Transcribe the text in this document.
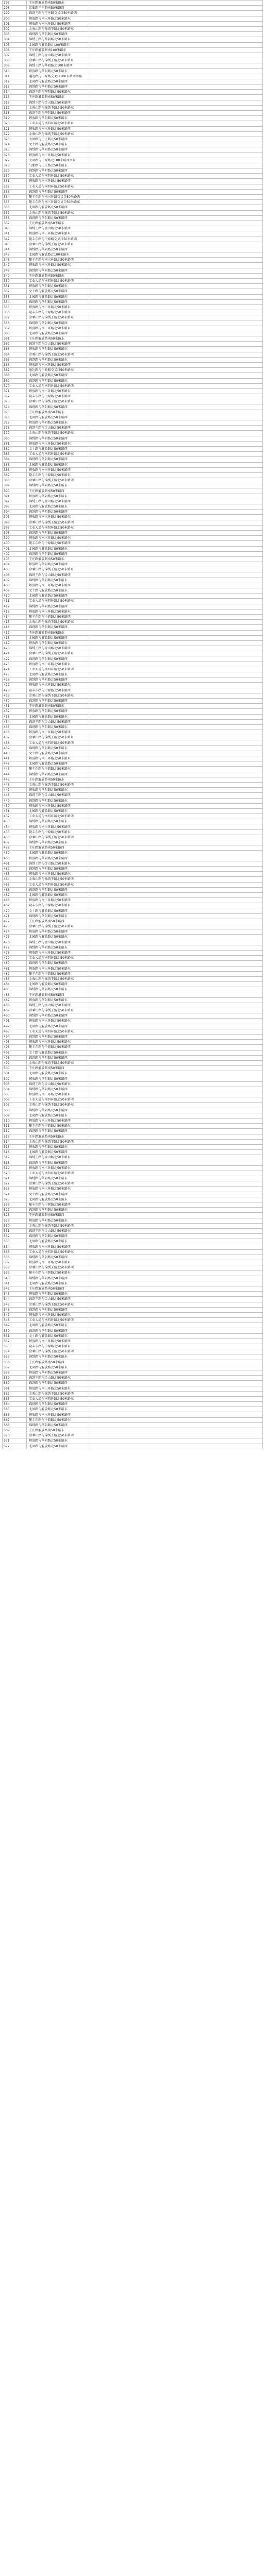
297	王庄路解放路南50米路东	
298	红旗路王庄路南50米路西	
299	锦绣王路与王庄路交叉口50米路西	
300	解放路与南三环路北50米路东	
301	解放路与南三环路北50米路西	
302	金乘山路与锦绣王路北50米路东	
303	锦绣路与华阴路北50米路西	
304	锦绣王路与华阴路北50米路东	
305	北园路与解放路北100米路东	
306	王庄路解放路南100米路东	
307	锦绣王路与金山路北50米路西	
308	金乘山路与锦绣王路北50米路东	
309	锦绣王路与华阴路北100米路西	
310	解放路与华阴路北50米路东	
311	通达路与中原路交叉口100米路西南角	
312	北园路与解放路北50米路西	
313	锦绣路与华阴路北50米路西	
314	锦绣王路与华阴路北50米路东	
315	王庄路解放路南50米路东	
316	锦绣王路与金山路北50米路西	
317	金乘山路与锦绣王路北50米路东	
318	锦绣王路与华阴路北50米路西	
319	解放路与华阴路北50米路东	
320	工业大道与南四环路北50米路东	
321	解放路与南三环路北50米路西	
322	金乘山路与锦绣王路北50米路东	
323	大园路与王庄路北50米路西	
324	文十路与解放路北50米路东	
325	锦绣路与华阴路北50米路西	
326	解放路与南三环路北50米路东	
327	大园路与中原路北100米路西南角	
328	气象路与王庄路北50米路东	
329	锦绣路与华阴路北50米路西	
330	工业大道与南四环路北50米路东	
331	解放路与南三环路北50米路西	
332	工业大道与南四环路北50米路东	
333	锦绣路与华阴路北50米路西	
334	聚丰东路与南三环路交叉口50米路西	
335	聚丰东路与南三环路交叉口50米路东	
336	北园路与解放路北50米路西	
337	金乘山路与锦绣王路北50米路东	
338	锦绣路与华阴路北50米路西	
339	王庄路解放路南50米路东	
340	锦绣王路与金山路北50米路西	
341	解放路与南三环路北50米路东	
342	聚丰东路与中原路交叉口50米路西	
343	金乘山路与锦绣王路北50米路东	
344	锦绣路与华阴路北50米路西	
345	北园路与解放路北100米路东	
346	聚丰东路与南三环路北50米路西	
347	解放路与南三环路北50米路东	
348	锦绣路与华阴路北50米路西	
349	王庄路解放路南50米路东	
350	工业大道与南四环路北50米路西	
351	解放路与华阴路北50米路东	
352	文十路与解放路北50米路西	
353	北园路与解放路北50米路东	
354	锦绣路与华阴路北50米路西	
355	解放路与南三环路北50米路东	
356	聚丰东路与中原路北50米路西	
357	金乘山路与锦绣王路北50米路东	
358	锦绣路与华阴路北50米路西	
359	解放路与南三环路北50米路东	
360	北园路与解放路北50米路西	
361	王庄路解放路南50米路东	
362	锦绣王路与金山路北50米路西	
363	解放路与华阴路北50米路东	
364	金乘山路与锦绣王路北50米路西	
365	锦绣路与华阴路北50米路东	
366	解放路与南三环路北50米路西	
367	通达路与中原路交叉口50米路东	
368	北园路与解放路北50米路西	
369	锦绣路与华阴路北50米路东	
370	工业大道与南四环路北50米路西	
371	解放路与南三环路北50米路东	
372	聚丰东路与中原路北50米路西	
373	金乘山路与锦绣王路北50米路东	
374	锦绣路与华阴路北50米路西	
375	王庄路解放路南50米路东	
376	北园路与解放路北50米路西	
377	解放路与华阴路北50米路东	
378	锦绣王路与金山路北50米路西	
379	金乘山路与锦绣王路北50米路东	
380	锦绣路与华阴路北50米路西	
381	解放路与南三环路北50米路东	
382	文十路与解放路北50米路西	
383	工业大道与南四环路北50米路东	
384	锦绣路与华阴路北50米路西	
385	北园路与解放路北50米路东	
386	解放路与南三环路北50米路西	
387	聚丰东路与中原路北50米路东	
388	金乘山路与锦绣王路北50米路西	
389	锦绣路与华阴路北50米路东	
390	王庄路解放路南50米路西	
391	解放路与华阴路北50米路东	
392	锦绣王路与金山路北50米路西	
393	北园路与解放路北50米路东	
394	锦绣路与华阴路北50米路西	
395	解放路与南三环路北50米路东	
396	金乘山路与锦绣王路北50米路西	
397	工业大道与南四环路北50米路东	
398	锦绣路与华阴路北50米路西	
399	解放路与南三环路北50米路东	
400	聚丰东路与中原路北50米路西	
401	北园路与解放路北50米路东	
402	锦绣路与华阴路北50米路西	
403	王庄路解放路南50米路东	
404	解放路与华阴路北50米路西	
405	金乘山路与锦绣王路北50米路东	
406	锦绣王路与金山路北50米路西	
407	锦绣路与华阴路北50米路东	
408	解放路与南三环路北50米路西	
409	文十路与解放路北50米路东	
410	北园路与解放路北50米路西	
411	工业大道与南四环路北50米路东	
412	锦绣路与华阴路北50米路西	
413	解放路与南三环路北50米路东	
414	聚丰东路与中原路北50米路西	
415	金乘山路与锦绣王路北50米路东	
416	锦绣路与华阴路北50米路西	
417	王庄路解放路南50米路东	
418	北园路与解放路北50米路西	
419	解放路与华阴路北50米路东	
420	锦绣王路与金山路北50米路西	
421	金乘山路与锦绣王路北50米路东	
422	锦绣路与华阴路北50米路西	
423	解放路与南三环路北50米路东	
424	工业大道与南四环路北50米路西	
425	北园路与解放路北50米路东	
426	锦绣路与华阴路北50米路西	
427	解放路与南三环路北50米路东	
428	聚丰东路与中原路北50米路西	
429	金乘山路与锦绣王路北50米路东	
430	锦绣路与华阴路北50米路西	
431	王庄路解放路南50米路东	
432	解放路与华阴路北50米路西	
433	北园路与解放路北50米路东	
434	锦绣王路与金山路北50米路西	
435	锦绣路与华阴路北50米路东	
436	解放路与南三环路北50米路西	
437	金乘山路与锦绣王路北50米路东	
438	工业大道与南四环路北50米路西	
439	锦绣路与华阴路北50米路东	
440	文十路与解放路北50米路西	
441	解放路与南三环路北50米路东	
442	北园路与解放路北50米路西	
443	聚丰东路与中原路北50米路东	
444	锦绣路与华阴路北50米路西	
445	王庄路解放路南50米路东	
446	金乘山路与锦绣王路北50米路西	
447	解放路与华阴路北50米路东	
448	锦绣王路与金山路北50米路西	
449	锦绣路与华阴路北50米路东	
450	解放路与南三环路北50米路西	
451	北园路与解放路北50米路东	
452	工业大道与南四环路北50米路西	
453	锦绣路与华阴路北50米路东	
454	解放路与南三环路北50米路西	
455	聚丰东路与中原路北50米路东	
456	金乘山路与锦绣王路北50米路西	
457	锦绣路与华阴路北50米路东	
458	王庄路解放路南50米路西	
459	北园路与解放路北50米路东	
460	解放路与华阴路北50米路西	
461	锦绣王路与金山路北50米路东	
462	锦绣路与华阴路北50米路西	
463	解放路与南三环路北50米路东	
464	金乘山路与锦绣王路北50米路西	
465	工业大道与南四环路北50米路东	
466	锦绣路与华阴路北50米路西	
467	北园路与解放路北50米路东	
468	解放路与南三环路北50米路西	
469	聚丰东路与中原路北50米路东	
470	文十路与解放路北50米路西	
471	锦绣路与华阴路北50米路东	
472	王庄路解放路南50米路西	
473	金乘山路与锦绣王路北50米路东	
474	解放路与华阴路北50米路西	
475	北园路与解放路北50米路东	
476	锦绣王路与金山路北50米路西	
477	锦绣路与华阴路北50米路东	
478	解放路与南三环路北50米路西	
479	工业大道与南四环路北50米路东	
480	锦绣路与华阴路北50米路西	
481	解放路与南三环路北50米路东	
482	聚丰东路与中原路北50米路西	
483	金乘山路与锦绣王路北50米路东	
484	北园路与解放路北50米路西	
485	锦绣路与华阴路北50米路东	
486	王庄路解放路南50米路西	
487	解放路与华阴路北50米路东	
488	锦绣王路与金山路北50米路西	
489	金乘山路与锦绣王路北50米路东	
490	锦绣路与华阴路北50米路西	
491	解放路与南三环路北50米路东	
492	北园路与解放路北50米路西	
493	工业大道与南四环路北50米路东	
494	锦绣路与华阴路北50米路西	
495	解放路与南三环路北50米路东	
496	聚丰东路与中原路北50米路西	
497	文十路与解放路北50米路东	
498	锦绣路与华阴路北50米路西	
499	金乘山路与锦绣王路北50米路东	
500	王庄路解放路南50米路西	
501	北园路与解放路北50米路东	
502	解放路与华阴路北50米路西	
503	锦绣王路与金山路北50米路东	
504	锦绣路与华阴路北50米路西	
505	解放路与南三环路北50米路东	
506	工业大道与南四环路北50米路西	
507	金乘山路与锦绣王路北50米路东	
508	锦绣路与华阴路北50米路西	
509	北园路与解放路北50米路东	
510	解放路与南三环路北50米路西	
511	聚丰东路与中原路北50米路东	
512	锦绣路与华阴路北50米路西	
513	王庄路解放路南50米路东	
514	金乘山路与锦绣王路北50米路西	
515	解放路与华阴路北50米路东	
516	北园路与解放路北50米路西	
517	锦绣王路与金山路北50米路东	
518	锦绣路与华阴路北50米路西	
519	解放路与南三环路北50米路东	
520	工业大道与南四环路北50米路西	
521	锦绣路与华阴路北50米路东	
522	金乘山路与锦绣王路北50米路西	
523	解放路与南三环路北50米路东	
524	文十路与解放路北50米路西	
525	北园路与解放路北50米路东	
526	聚丰东路与中原路北50米路西	
527	锦绣路与华阴路北50米路东	
528	王庄路解放路南50米路西	
529	解放路与华阴路北50米路东	
530	金乘山路与锦绣王路北50米路西	
531	锦绣王路与金山路北50米路东	
532	锦绣路与华阴路北50米路西	
533	北园路与解放路北50米路东	
534	解放路与南三环路北50米路西	
535	工业大道与南四环路北50米路东	
536	锦绣路与华阴路北50米路西	
537	解放路与南三环路北50米路东	
538	金乘山路与锦绣王路北50米路西	
539	聚丰东路与中原路北50米路东	
540	锦绣路与华阴路北50米路西	
541	北园路与解放路北50米路东	
542	王庄路解放路南50米路西	
543	解放路与华阴路北50米路东	
544	锦绣王路与金山路北50米路西	
545	金乘山路与锦绣王路北50米路东	
546	锦绣路与华阴路北50米路西	
547	解放路与南三环路北50米路东	
548	工业大道与南四环路北50米路西	
549	北园路与解放路北50米路东	
550	锦绣路与华阴路北50米路西	
551	文十路与解放路北50米路东	
552	解放路与南三环路北50米路西	
553	聚丰东路与中原路北50米路东	
554	金乘山路与锦绣王路北50米路西	
555	锦绣路与华阴路北50米路东	
556	王庄路解放路南50米路西	
557	北园路与解放路北50米路东	
558	解放路与华阴路北50米路西	
559	锦绣王路与金山路北50米路东	
560	锦绣路与华阴路北50米路西	
561	解放路与南三环路北50米路东	
562	金乘山路与锦绣王路北50米路西	
563	工业大道与南四环路北50米路东	
564	锦绣路与华阴路北50米路西	
565	北园路与解放路北50米路东	
566	解放路与南三环路北50米路西	
567	聚丰东路与中原路北50米路东	
568	锦绣路与华阴路北50米路西	
569	王庄路解放路南50米路东	
570	金乘山路与锦绣王路北50米路西	
571	解放路与华阴路北50米路东	
572	北园路与解放路北50米路西	
